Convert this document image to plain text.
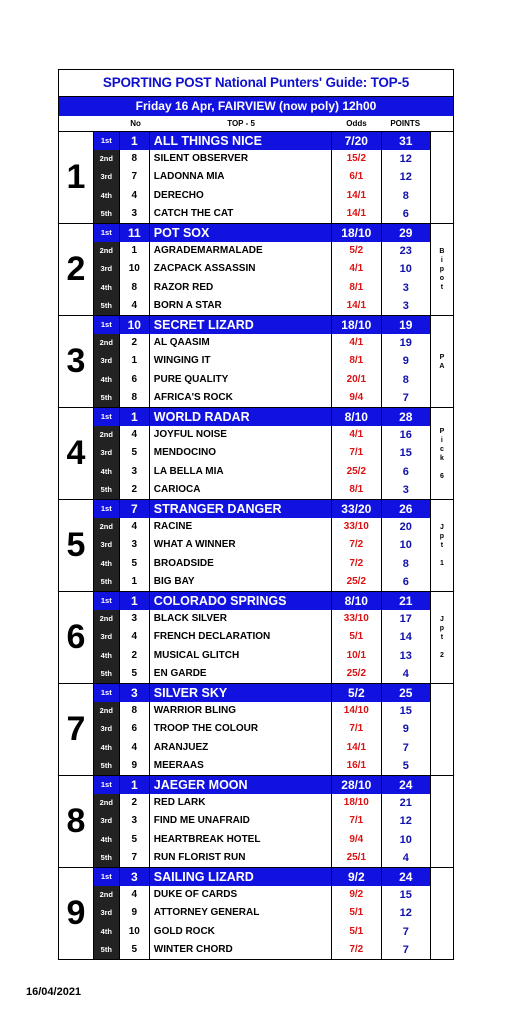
SPORTING POST National Punters' Guide: TOP-5
Friday 16 Apr, FAIRVIEW (now poly) 12h00
No	TOP - 5	Odds	POINTS
1
1st	1	ALL THINGS NICE	7/20	31
2nd	8	SILENT OBSERVER	15/2	12
3rd	7	LADONNA MIA	6/1	12
4th	4	DERECHO	14/1	8
5th	3	CATCH THE CAT	14/1	6
2
1st	11	POT SOX	18/10	29
2nd	1	AGRADEMARMALADE	5/2	23
3rd	10	ZACPACK ASSASSIN	4/1	10
4th	8	RAZOR RED	8/1	3
5th	4	BORN A STAR	14/1	3
B
i
p
o
t
3
1st	10	SECRET LIZARD	18/10	19
2nd	2	AL QAASIM	4/1	19
3rd	1	WINGING IT	8/1	9
4th	6	PURE QUALITY	20/1	8
5th	8	AFRICA'S ROCK	9/4	7
P
A
4
1st	1	WORLD RADAR	8/10	28
2nd	4	JOYFUL NOISE	4/1	16
3rd	5	MENDOCINO	7/1	15
4th	3	LA BELLA MIA	25/2	6
5th	2	CARIOCA	8/1	3
P
i
c
k
6
5
1st	7	STRANGER DANGER	33/20	26
2nd	4	RACINE	33/10	20
3rd	3	WHAT A WINNER	7/2	10
4th	5	BROADSIDE	7/2	8
5th	1	BIG BAY	25/2	6
J
p
t
1
6
1st	1	COLORADO SPRINGS	8/10	21
2nd	3	BLACK SILVER	33/10	17
3rd	4	FRENCH DECLARATION	5/1	14
4th	2	MUSICAL GLITCH	10/1	13
5th	5	EN GARDE	25/2	4
J
p
t
2
7
1st	3	SILVER SKY	5/2	25
2nd	8	WARRIOR BLING	14/10	15
3rd	6	TROOP THE COLOUR	7/1	9
4th	4	ARANJUEZ	14/1	7
5th	9	MEERAAS	16/1	5
8
1st	1	JAEGER MOON	28/10	24
2nd	2	RED LARK	18/10	21
3rd	3	FIND ME UNAFRAID	7/1	12
4th	5	HEARTBREAK HOTEL	9/4	10
5th	7	RUN FLORIST RUN	25/1	4
9
1st	3	SAILING LIZARD	9/2	24
2nd	4	DUKE OF CARDS	9/2	15
3rd	9	ATTORNEY GENERAL	5/1	12
4th	10	GOLD ROCK	5/1	7
5th	5	WINTER CHORD	7/2	7
16/04/2021
